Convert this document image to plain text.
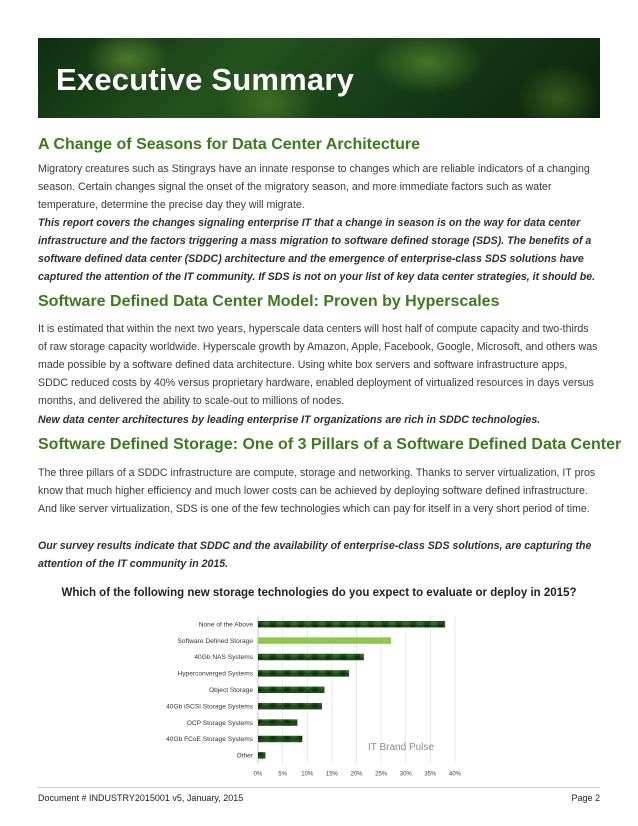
Executive Summary
A Change of Seasons for Data Center Architecture
Migratory creatures such as Stingrays have an innate response to changes which are reliable indicators of a changing season. Certain changes signal the onset of the migratory season, and more immediate factors such as water temperature, determine the precise day they will migrate.
This report covers the changes signaling enterprise IT that a change in season is on the way for data center infrastructure and the factors triggering a mass migration to software defined storage (SDS). The benefits of a software defined data center (SDDC) architecture and the emergence of enterprise-class SDS solutions have captured the attention of the IT community. If SDS is not on your list of key data center strategies, it should be.
Software Defined Data Center Model: Proven by Hyperscales
It is estimated that within the next two years, hyperscale data centers will host half of compute capacity and two-thirds of raw storage capacity worldwide. Hyperscale growth by Amazon, Apple, Facebook, Google, Microsoft, and others was made possible by a software defined data architecture. Using white box servers and software infrastructure apps, SDDC reduced costs by 40% versus proprietary hardware, enabled deployment of virtualized resources in days versus months, and delivered the ability to scale-out to millions of nodes.
New data center architectures by leading enterprise IT organizations are rich in SDDC technologies.
Software Defined Storage: One of 3 Pillars of a Software Defined Data Center
The three pillars of a SDDC infrastructure are compute, storage and networking. Thanks to server virtualization, IT pros know that much higher efficiency and much lower costs can be achieved by deploying software defined infrastructure. And like server virtualization, SDS is one of the few technologies which can pay for itself in a very short period of time.
Our survey results indicate that SDDC and the availability of enterprise-class SDS solutions, are capturing the attention of the IT community in 2015.
Which of the following new storage technologies do you expect to evaluate or deploy in 2015?
0%	5% 10% 15% 20% 25% 30% 35% 40%
None of the Above
Software Defined Storage
40Gb NAS Systems
Hyperconverged Systems
Object Storage
40Gb iSCSI Storage Systems
OCP Storage Systems
40Gb FCoE Storage Systems
Other
IT Brand Pulse
Document # INDUSTRY2015001 v5, January, 2015	Page 2
